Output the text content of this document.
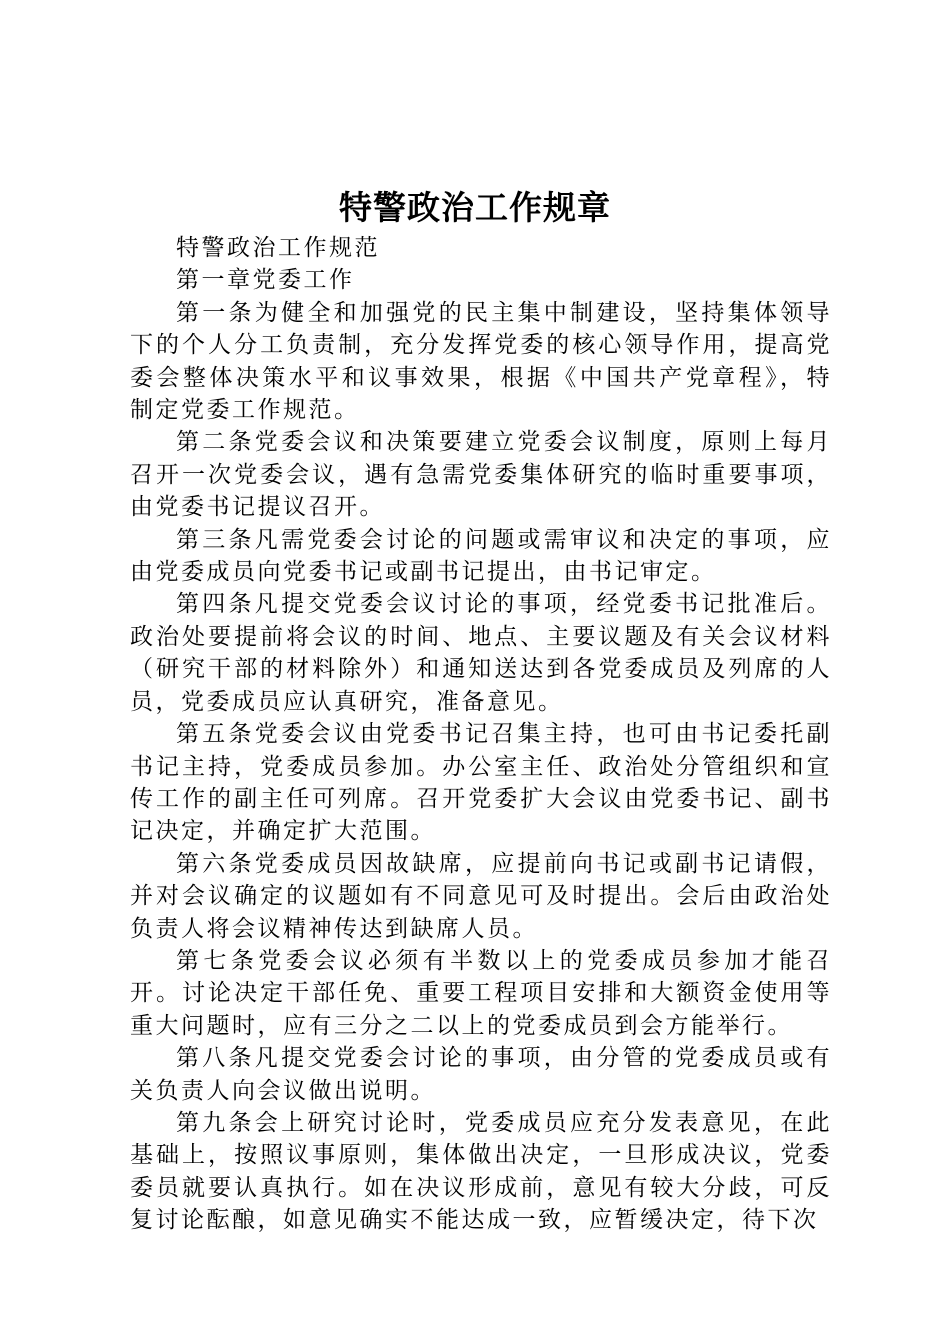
特警政治工作规章

特警政治工作规范

第一章党委工作

第一条为健全和加强党的民主集中制建设，坚持集体领导下的个人分工负责制，充分发挥党委的核心领导作用，提高党委会整体决策水平和议事效果，根据《中国共产党章程》，特制定党委工作规范。

第二条党委会议和决策要建立党委会议制度，原则上每月召开一次党委会议，遇有急需党委集体研究的临时重要事项，由党委书记提议召开。

第三条凡需党委会讨论的问题或需审议和决定的事项，应由党委成员向党委书记或副书记提出，由书记审定。

第四条凡提交党委会议讨论的事项，经党委书记批准后。政治处要提前将会议的时间、地点、主要议题及有关会议材料（研究干部的材料除外）和通知送达到各党委成员及列席的人员，党委成员应认真研究，准备意见。

第五条党委会议由党委书记召集主持，也可由书记委托副书记主持，党委成员参加。办公室主任、政治处分管组织和宣传工作的副主任可列席。召开党委扩大会议由党委书记、副书记决定，并确定扩大范围。

第六条党委成员因故缺席，应提前向书记或副书记请假，并对会议确定的议题如有不同意见可及时提出。会后由政治处负责人将会议精神传达到缺席人员。

第七条党委会议必须有半数以上的党委成员参加才能召开。讨论决定干部任免、重要工程项目安排和大额资金使用等重大问题时，应有三分之二以上的党委成员到会方能举行。

第八条凡提交党委会讨论的事项，由分管的党委成员或有关负责人向会议做出说明。

第九条会上研究讨论时，党委成员应充分发表意见，在此基础上，按照议事原则，集体做出决定，一旦形成决议，党委委员就要认真执行。如在决议形成前，意见有较大分歧，可反复讨论酝酿，如意见确实不能达成一致，应暂缓决定，待下次
